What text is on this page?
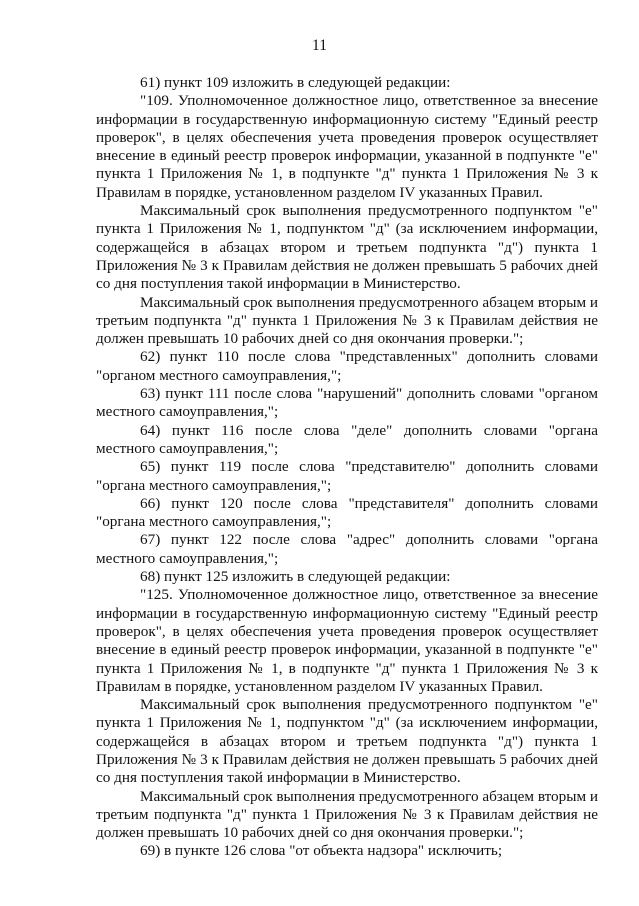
11

61) пункт 109 изложить в следующей редакции:

"109. Уполномоченное должностное лицо, ответственное за внесение информации в государственную информационную систему "Единый реестр проверок", в целях обеспечения учета проведения проверок осуществляет внесение в единый реестр проверок информации, указанной в подпункте "е" пункта 1 Приложения № 1, в подпункте "д" пункта 1 Приложения № 3 к Правилам в порядке, установленном разделом IV указанных Правил.

Максимальный срок выполнения предусмотренного подпунктом "е" пункта 1 Приложения № 1, подпунктом "д" (за исключением информации, содержащейся в абзацах втором и третьем подпункта "д") пункта 1 Приложения № 3 к Правилам действия не должен превышать 5 рабочих дней со дня поступления такой информации в Министерство.

Максимальный срок выполнения предусмотренного абзацем вторым и третьим подпункта "д" пункта 1 Приложения № 3 к Правилам действия не должен превышать 10 рабочих дней со дня окончания проверки.";

62) пункт 110 после слова "представленных" дополнить словами "органом местного самоуправления,";

63) пункт 111 после слова "нарушений" дополнить словами "органом местного самоуправления,";

64) пункт 116 после слова "деле" дополнить словами "органа местного самоуправления,";

65) пункт 119 после слова "представителю" дополнить словами "органа местного самоуправления,";

66) пункт 120 после слова "представителя" дополнить словами "органа местного самоуправления,";

67) пункт 122 после слова "адрес" дополнить словами "органа местного самоуправления,";

68) пункт 125 изложить в следующей редакции:

"125. Уполномоченное должностное лицо, ответственное за внесение информации в государственную информационную систему "Единый реестр проверок", в целях обеспечения учета проведения проверок осуществляет внесение в единый реестр проверок информации, указанной в подпункте "е" пункта 1 Приложения № 1, в подпункте "д" пункта 1 Приложения № 3 к Правилам в порядке, установленном разделом IV указанных Правил.

Максимальный срок выполнения предусмотренного подпунктом "е" пункта 1 Приложения № 1, подпунктом "д" (за исключением информации, содержащейся в абзацах втором и третьем подпункта "д") пункта 1 Приложения № 3 к Правилам действия не должен превышать 5 рабочих дней со дня поступления такой информации в Министерство.

Максимальный срок выполнения предусмотренного абзацем вторым и третьим подпункта "д" пункта 1 Приложения № 3 к Правилам действия не должен превышать 10 рабочих дней со дня окончания проверки.";

69) в пункте 126 слова "от объекта надзора" исключить;
